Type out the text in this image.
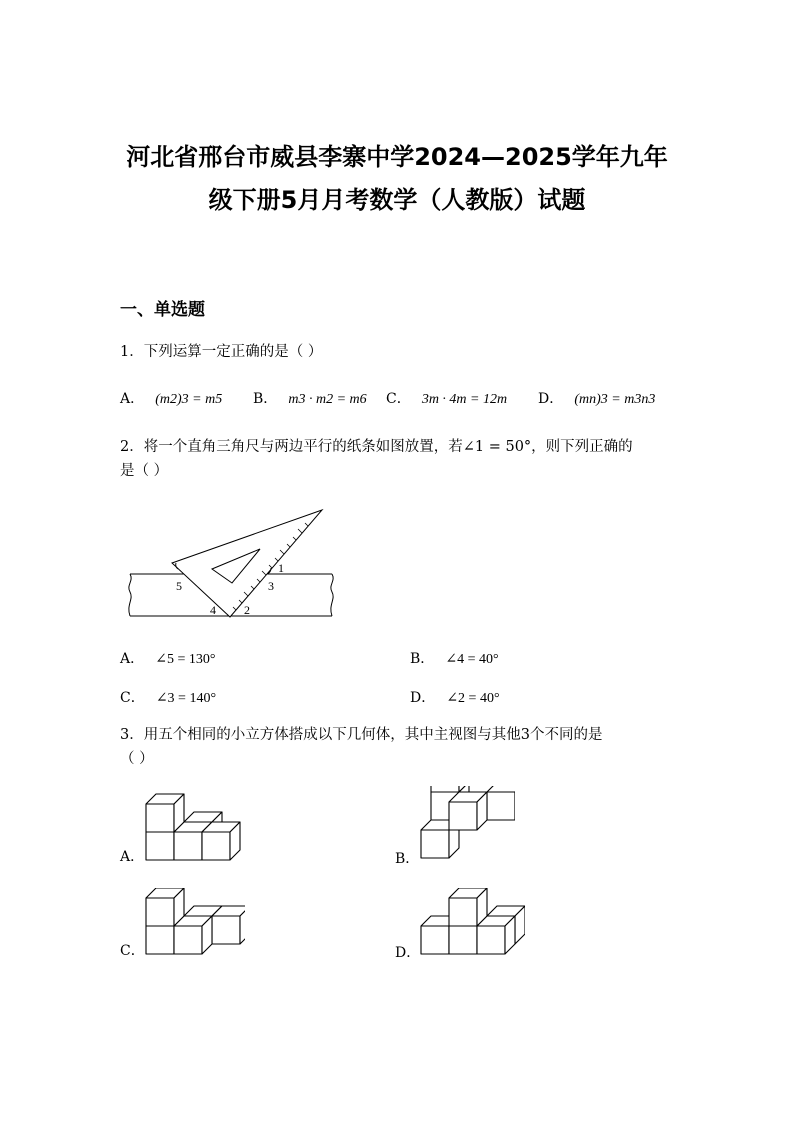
河北省邢台市威县李寨中学2024—2025学年九年
级下册5月月考数学（人教版）试题
一、单选题
1．下列运算一定正确的是（ ）
A． (m2)3 = m5 B． m3 · m2 = m6 C． 3m · 4m = 12m D． (mn)3 = m3n3
2．将一个直角三角尺与两边平行的纸条如图放置，若∠1 = 50°，则下列正确的
是（ ）
1
2
3
4
5
A． ∠5 = 130°	B． ∠4 = 40°
C． ∠3 = 140°	D． ∠2 = 40°
3．用五个相同的小立方体搭成以下几何体，其中主视图与其他3个不同的是
（ ）
A．	B．
C．	D．
